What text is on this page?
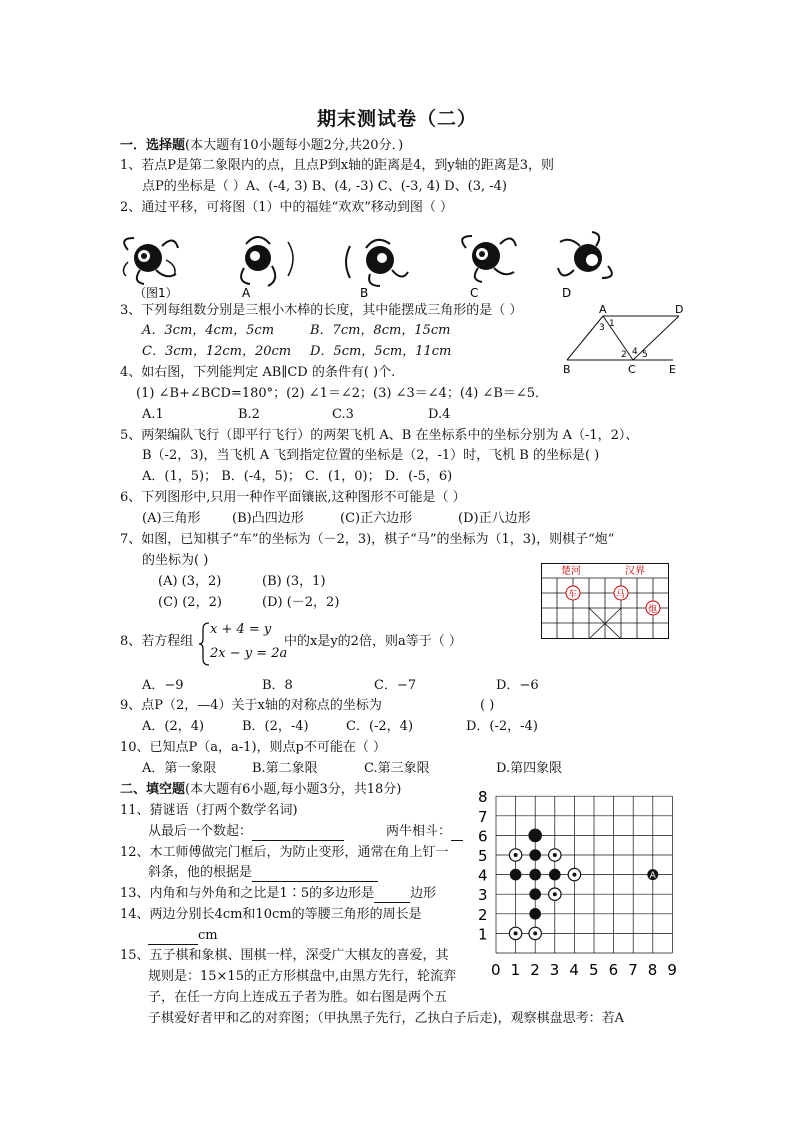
期末测试卷（二）
一．选择题(本大题有10小题每小题2分,共20分．)
1、若点P是第二象限内的点，且点P到x轴的距离是4，到y轴的距离是3，则
点P的坐标是（ ）A、(-4, 3) B、(4, -3) C、(-3, 4) D、(3, -4)
2、通过平移，可将图（1）中的福娃“欢欢”移动到图（ ）
（图1）	A	B	C	D
3、下列每组数分别是三根小木棒的长度，其中能摆成三角形的是（ ）
A．3cm，4cm，5cm	B．7cm，8cm，15cm
C．3cm，12cm，20cm D．5cm，5cm，11cm
A	D
B	C	E
1
2
3
4 5
4、如右图，下列能判定 AB∥CD 的条件有( )个.
(1) ∠B+∠BCD=180°；(2) ∠1＝∠2；(3) ∠3＝∠4；(4) ∠B＝∠5．
A.1	B.2	C.3	D.4
5、两架编队飞行（即平行飞行）的两架飞机 A、B 在坐标系中的坐标分别为 A（-1，2）、
B（-2，3)，当飞机 A 飞到指定位置的坐标是（2，-1）时，飞机 B 的坐标是( )
A．(1，5)； B．(-4，5)； C．(1，0)； D．(-5，6)
6、下列图形中,只用一种作平面镶嵌,这种图形不可能是（ ）
(A)三角形 (B)凸四边形	(C)正六边形	(D)正八边形
7、如图，已知棋子“车”的坐标为（－2，3)，棋子“马”的坐标为（1，3)，则棋子“炮”
的坐标为( )
(A) (3，2)	(B) (3，1)
(C) (2，2)	(D) (－2，2)
楚河	汉界
车	马
炮
8、若方程组
x + 4 = y
2x − y = 2a
中的x是y的2倍，则a等于（ ）
A．−9	B．8	C．−7	D．−6
9、点P（2，—4）关于x轴的对称点的坐标为	( )
A．(2，4)	B．(2，-4)	C．(-2，4)	D．(-2，-4)
10、已知点P（a，a-1)，则点p不可能在（ ）
A．第一象限	B.第二象限	C.第三象限	D.第四象限
二、填空题(本大题有6小题,每小题3分，共18分)
11、猜谜语（打两个数学名词)
从最后一个数起：	两牛相斗：
12、木工师傅做完门框后，为防止变形，通常在角上钉一
斜条，他的根据是
13、内角和与外角和之比是1∶5的多边形是	边形
14、两边分别长4cm和10cm的等腰三角形的周长是
cm
15、五子棋和象棋、围棋一样，深受广大棋友的喜爱，其
规则是：15×15的正方形棋盘中,由黑方先行，轮流弈
子，在任一方向上连成五子者为胜。如右图是两个五
子棋爱好者甲和乙的对弈图；（甲执黑子先行，乙执白子后走)，观察棋盘思考：若A
0 1 2 3 4 5 6 7 8 9
1
2
3
4
5
6
7
8
A
